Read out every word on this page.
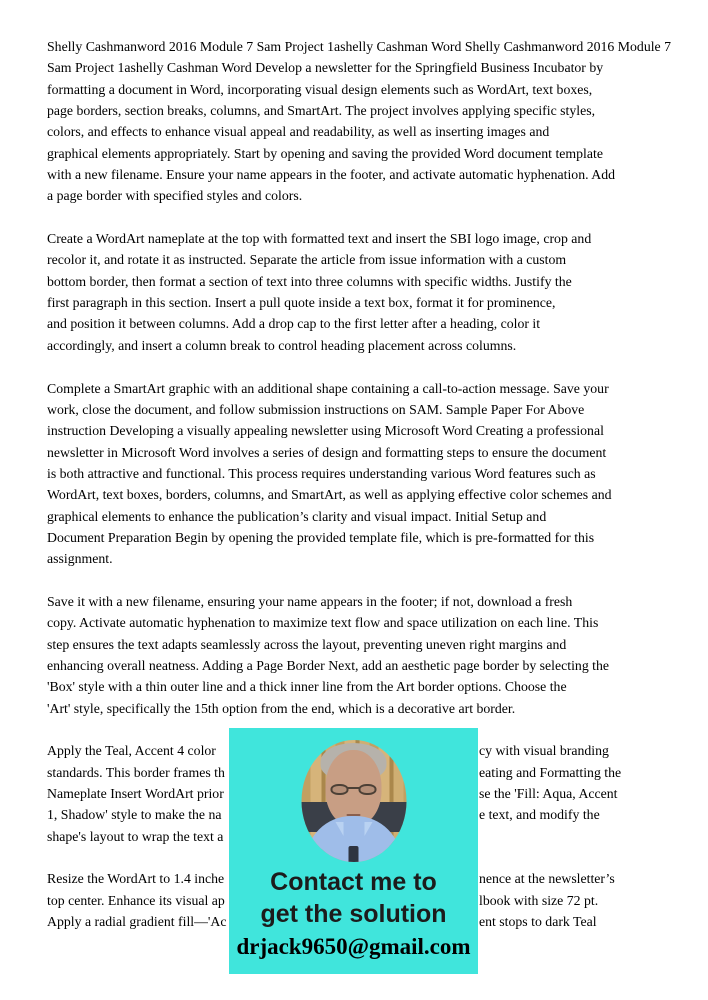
Shelly Cashmanword 2016 Module 7 Sam Project 1ashelly Cashman Word Shelly Cashmanword 2016 Module 7
Sam Project 1ashelly Cashman Word Develop a newsletter for the Springfield Business Incubator by
formatting a document in Word, incorporating visual design elements such as WordArt, text boxes,
page borders, section breaks, columns, and SmartArt. The project involves applying specific styles,
colors, and effects to enhance visual appeal and readability, as well as inserting images and
graphical elements appropriately. Start by opening and saving the provided Word document template
with a new filename. Ensure your name appears in the footer, and activate automatic hyphenation. Add
a page border with specified styles and colors.
Create a WordArt nameplate at the top with formatted text and insert the SBI logo image, crop and
recolor it, and rotate it as instructed. Separate the article from issue information with a custom
bottom border, then format a section of text into three columns with specific widths. Justify the
first paragraph in this section. Insert a pull quote inside a text box, format it for prominence,
and position it between columns. Add a drop cap to the first letter after a heading, color it
accordingly, and insert a column break to control heading placement across columns.
Complete a SmartArt graphic with an additional shape containing a call-to-action message. Save your
work, close the document, and follow submission instructions on SAM. Sample Paper For Above
instruction Developing a visually appealing newsletter using Microsoft Word Creating a professional
newsletter in Microsoft Word involves a series of design and formatting steps to ensure the document
is both attractive and functional. This process requires understanding various Word features such as
WordArt, text boxes, borders, columns, and SmartArt, as well as applying effective color schemes and
graphical elements to enhance the publication’s clarity and visual impact. Initial Setup and
Document Preparation Begin by opening the provided template file, which is pre-formatted for this
assignment.
Save it with a new filename, ensuring your name appears in the footer; if not, download a fresh
copy. Activate automatic hyphenation to maximize text flow and space utilization on each line. This
step ensures the text adapts seamlessly across the layout, preventing uneven right margins and
enhancing overall neatness. Adding a Page Border Next, add an aesthetic page border by selecting the
'Box' style with a thin outer line and a thick inner line from the Art border options. Choose the
'Art' style, specifically the 15th option from the end, which is a decorative art border.
Apply the Teal, Accent 4 color	cy with visual branding
standards. This border frames th	eating and Formatting the
Nameplate Insert WordArt prior	se the 'Fill: Aqua, Accent
1, Shadow' style to make the na	e text, and modify the
shape's layout to wrap the text a
Resize the WordArt to 1.4 inche	nence at the newsletter’s
top center. Enhance its visual ap	lbook with size 72 pt.
Apply a radial gradient fill—'Ac	ent stops to dark Teal
Contact me to
get the solution
drjack9650@gmail.com
